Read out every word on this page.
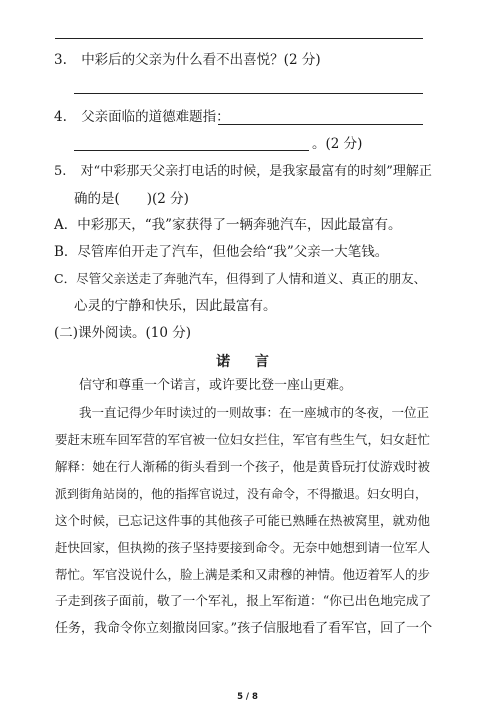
3. 中彩后的父亲为什么看不出喜悦？(2 分)
4. 父亲面临的道德难题指：
。(2 分)
5. 对“中彩那天父亲打电话的时候，是我家最富有的时刻”理解正
确的是(　　)(2 分)
A．中彩那天，“我”家获得了一辆奔驰汽车，因此最富有。
B．尽管库伯开走了汽车，但他会给“我”父亲一大笔钱。
C．尽管父亲送走了奔驰汽车，但得到了人情和道义、真正的朋友、
心灵的宁静和快乐，因此最富有。
(二)课外阅读。(10 分)
诺 言
信守和尊重一个诺言，或许要比登一座山更难。
我一直记得少年时读过的一则故事：在一座城市的冬夜，一位正
要赶末班车回军营的军官被一位妇女拦住，军官有些生气，妇女赶忙
解释：她在行人渐稀的街头看到一个孩子，他是黄昏玩打仗游戏时被
派到街角站岗的，他的指挥官说过，没有命令，不得撤退。妇女明白，
这个时候，已忘记这件事的其他孩子可能已熟睡在热被窝里，就劝他
赶快回家，但执拗的孩子坚持要接到命令。无奈中她想到请一位军人
帮忙。军官没说什么，脸上满是柔和又肃穆的神情。他迈着军人的步
子走到孩子面前，敬了一个军礼，报上军衔道：“你已出色地完成了
任务，我命令你立刻撤岗回家。”孩子信服地看了看军官，回了一个
5 / 8
